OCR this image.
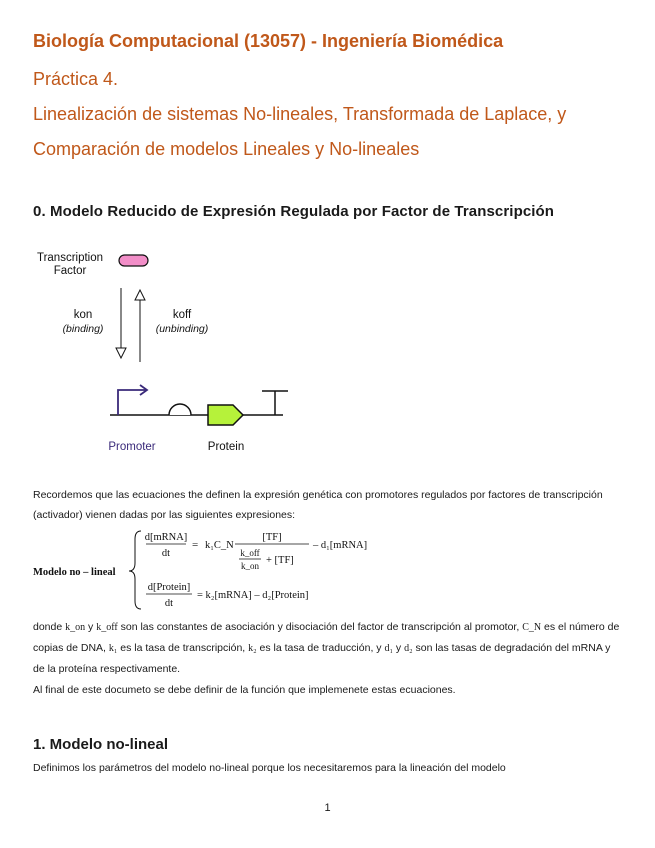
Biología Computacional (13057) - Ingeniería Biomédica
Práctica 4.
Linealización de sistemas No-lineales, Transformada de Laplace, y
Comparación de modelos Lineales y No-lineales
0. Modelo Reducido de Expresión Regulada por Factor de Transcripción
Transcription
Factor
kon
(binding)
koff
(unbinding)
Promoter	Protein

Recordemos que las ecuaciones the definen la expresión genética con promotores regulados por factores de transcripción (activador) vienen dadas por las siguientes expresiones:

Modelo no – lineal
d[mRNA]
dt
= k₁C_N
[TF]
k_off
k_on + [TF]
– d₁[mRNA]
d[Protein]
dt
= k₂[mRNA] – d₂[Protein]

donde k_on y k_off son las constantes de asociación y disociación del factor de transcripción al promotor, C_N es el número de copias de DNA, k₁ es la tasa de transcripción, k₂ es la tasa de traducción, y d₁ y d₂ son las tasas de degradación del mRNA y de la proteína respectivamente.

Al final de este documeto se debe definir de la función que implemenete estas ecuaciones.

1. Modelo no-lineal

Definimos los parámetros del modelo no-lineal porque los necesitaremos para la lineación del modelo

1
